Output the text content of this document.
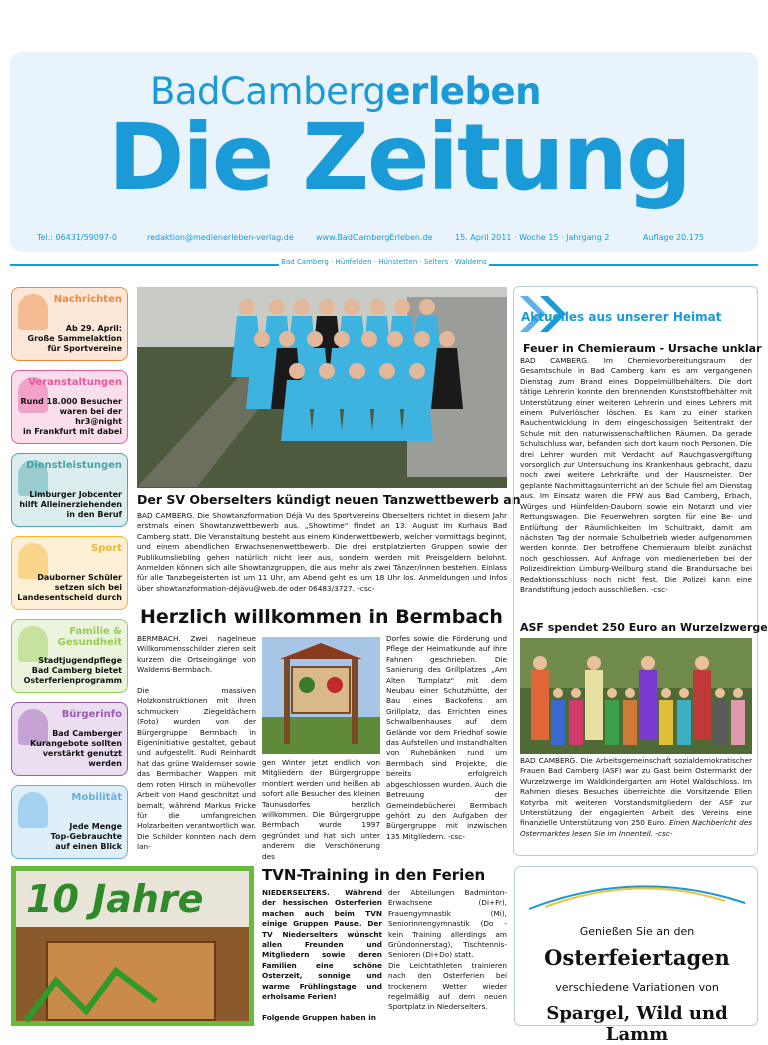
BadCambergerleben
Die Zeitung
Tel.: 06431/59097-0	redaktion@medienerleben-verlag.de	www.BadCambergErleben.de	15. April 2011 · Woche 15 · Jahrgang 2	Auflage 20.175
Bad Camberg · Hünfelden · Hünstetten · Selters · Waldems
Nachrichten
Ab 29. April:
Große Sammelaktion
für Sportvereine
Veranstaltungen
Rund 18.000 Besucher
waren bei der hr3@night
in Frankfurt mit dabei
Dienstleistungen
Limburger Jobcenter
hilft Alleinerziehenden
in den Beruf
Sport
Dauborner Schüler
setzen sich bei
Landesentscheid durch
Familie &
Gesundheit
Stadtjugendpflege
Bad Camberg bietet
Osterferienprogramm
Bürgerinfo
Bad Camberger
Kurangebote sollten
verstärkt genutzt werden
Mobilität
Jede Menge
Top-Gebrauchte
auf einen Blick
Der SV Oberselters kündigt neuen Tanzwettbewerb an
BAD CAMBERG. Die Showtanzformation Déjà Vu des Sportvereins Oberselters richtet in diesem Jahr erstmals einen Showtanzwettbewerb aus. „Showtime“ findet an 13. August im Kurhaus Bad Camberg statt. Die Veranstaltung besteht aus einem Kinderwettbewerb, welcher vormittags beginnt, und einem abendlichen Erwachsenenwettbewerb. Die drei erstplatzierten Gruppen sowie der Publikumsliebling gehen natürlich nicht leer aus, sondern werden mit Preisgeldern belohnt. Anmelden können sich alle Showtanzgruppen, die aus mehr als zwei Tänzer/innen bestehen. Einlass für alle Tanzbegeisterten ist um 11 Uhr, am Abend geht es um 18 Uhr los. Anmeldungen und Infos über showtanzformation-déjàvu@web.de oder 06483/3727. -csc-
Herzlich willkommen in Bermbach
BERMBACH. Zwei nagelneue Willkommensschilder zieren seit kurzem die Ortseingänge von Waldems-Bermbach.

Die massiven Holzkonstruktionen mit ihren schmucken Ziegeldächern (Foto) wurden von der Bürgergruppe Bermbach in Eigeninitiative gestaltet, gebaut und aufgestellt. Rudi Reinhardt hat das grüne Waldemser sowie das Bermbacher Wappen mit dem roten Hirsch in mühevoller Arbeit von Hand geschnitzt und bemalt, während Markus Fricke für die umfangreichen Holzarbeiten verantwortlich war. Die Schilder konnten nach dem lan-
gen Winter jetzt endlich von Mitgliedern der Bürgergruppe montiert werden und heißen ab sofort alle Besucher des kleinen Taunusdorfes herzlich willkommen. Die Bürgergruppe Bermbach wurde 1997 gegründet und hat sich unter anderem die Verschönerung des
Dorfes sowie die Förderung und Pflege der Heimatkunde auf ihre Fahnen geschrieben. Die Sanierung des Grillplatzes „Am Alten Turnplatz“ mit dem Neubau einer Schutzhütte, der Bau eines Backofens am Grillplatz, das Errichten eines Schwalbenhauses auf dem Gelände vor dem Friedhof sowie das Aufstellen und Instandhalten von Ruhebänken rund um Bermbach sind Projekte, die bereits erfolgreich abgeschlossen wurden. Auch die Betreuung der Gemeindebücherei Bermbach gehört zu den Aufgaben der Bürgergruppe mit inzwischen 135 Mitgliedern. -csc-
Aktuelles aus unserer Heimat
Feuer in Chemieraum - Ursache unklar
BAD CAMBERG. Im Chemievorbereitungsraum der Gesamtschule in Bad Camberg kam es am vergangenen Dienstag zum Brand eines Doppelmüllbehälters. Die dort tätige Lehrerin konnte den brennenden Kunststoffbehälter mit Unterstützung einer weiteren Lehrerin und eines Lehrers mit einem Pulverlöscher löschen. Es kam zu einer starken Rauchentwicklung in dem eingeschossigen Seitentrakt der Schule mit den naturwissenschaftlichen Räumen. Da gerade Schulschluss war, befanden sich dort kaum noch Personen. Die drei Lehrer wurden mit Verdacht auf Rauchgasvergiftung vorsorglich zur Untersuchung ins Krankenhaus gebracht, dazu noch zwei weitere Lehrkräfte und der Hausmeister. Der geplante Nachmittagsunterricht an der Schule fiel am Dienstag aus. Im Einsatz waren die FFW aus Bad Camberg, Erbach, Würges und Hünfelden-Dauborn sowie ein Notarzt und vier Rettungswagen. Die Feuerwehren sorgten für eine Be- und Entlüftung der Räumlichkeiten im Schultrakt, damit am nächsten Tag der normale Schulbetrieb wieder aufgenommen werden konnte. Der betroffene Chemieraum bleibt zunächst noch geschlossen. Auf Anfrage von medienerleben bei der Polizeidirektion Limburg-Weilburg stand die Brandursache bei Redaktionsschluss noch nicht fest. Die Polizei kann eine Brandstiftung jedoch ausschließen. -csc-
ASF spendet 250 Euro an Wurzelzwerge
BAD CAMBERG. Die Arbeitsgemeinschaft sozialdemokratischer Frauen Bad Camberg (ASF) war zu Gast beim Ostermarkt der Wurzelzwerge im Waldkindergarten am Hotel Waldschloss. Im Rahmen dieses Besuches überreichte die Vorsitzende Ellen Kotyrba mit weiteren Vorstandsmitgliedern der ASF zur Unterstützung der engagierten Arbeit des Vereins eine finanzielle Unterstützung von 250 Euro. Einen Nachbericht des Ostermarktes lesen Sie im Innenteil. -csc-
TVN-Training in den Ferien
NIEDERSELTERS. Während der hessischen Osterferien machen auch beim TVN einige Gruppen Pause. Der TV Niederselters wünscht allen Freunden und Mitgliedern sowie deren Familien eine schöne Osterzeit, sonnige und warme Frühlingstage und erholsame Ferien!

Folgende Gruppen haben in
der Abteilungen Badminton-Erwachsene (Di+Fr), Frauengymnastik (Mi), Seniorinnengymnastik (Do - kein Training allerdings am Gründonnerstag), Tischtennis-Senioren (Di+Do) statt.
Die Leichtathleten trainieren nach den Osterferien bei trockenem Wetter wieder regelmäßig auf dem neuen Sportplatz in Niederselters.
10 Jahre
Genießen Sie an den
Osterfeiertagen
verschiedene Variationen von
Spargel, Wild und Lamm
